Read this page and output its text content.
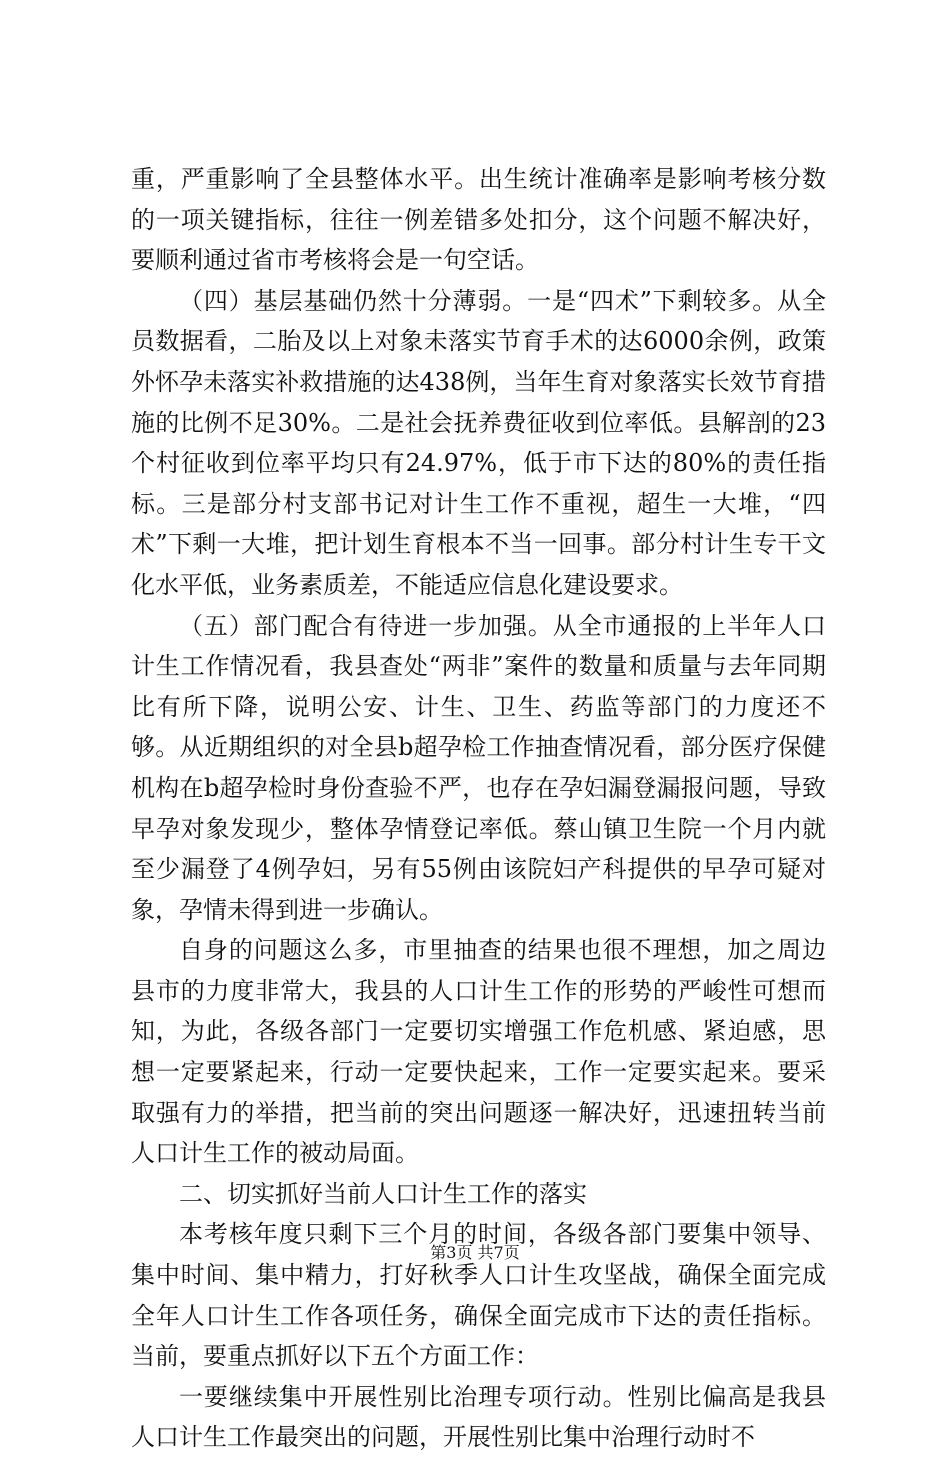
重，严重影响了全县整体水平。出生统计准确率是影响考核分数的一项关键指标，往往一例差错多处扣分，这个问题不解决好，要顺利通过省市考核将会是一句空话。

（四）基层基础仍然十分薄弱。一是“四术”下剩较多。从全员数据看，二胎及以上对象未落实节育手术的达6000余例，政策外怀孕未落实补救措施的达438例，当年生育对象落实长效节育措施的比例不足30%。二是社会抚养费征收到位率低。县解剖的23个村征收到位率平均只有24.97%，低于市下达的80%的责任指标。三是部分村支部书记对计生工作不重视，超生一大堆，“四术”下剩一大堆，把计划生育根本不当一回事。部分村计生专干文化水平低，业务素质差，不能适应信息化建设要求。

（五）部门配合有待进一步加强。从全市通报的上半年人口计生工作情况看，我县查处“两非”案件的数量和质量与去年同期比有所下降，说明公安、计生、卫生、药监等部门的力度还不够。从近期组织的对全县b超孕检工作抽查情况看，部分医疗保健机构在b超孕检时身份查验不严，也存在孕妇漏登漏报问题，导致早孕对象发现少，整体孕情登记率低。蔡山镇卫生院一个月内就至少漏登了4例孕妇，另有55例由该院妇产科提供的早孕可疑对象，孕情未得到进一步确认。

自身的问题这么多，市里抽查的结果也很不理想，加之周边县市的力度非常大，我县的人口计生工作的形势的严峻性可想而知，为此，各级各部门一定要切实增强工作危机感、紧迫感，思想一定要紧起来，行动一定要快起来，工作一定要实起来。要采取强有力的举措，把当前的突出问题逐一解决好，迅速扭转当前人口计生工作的被动局面。

二、切实抓好当前人口计生工作的落实

本考核年度只剩下三个月的时间，各级各部门要集中领导、集中时间、集中精力，打好秋季人口计生攻坚战，确保全面完成全年人口计生工作各项任务，确保全面完成市下达的责任指标。当前，要重点抓好以下五个方面工作：

一要继续集中开展性别比治理专项行动。性别比偏高是我县人口计生工作最突出的问题，开展性别比集中治理行动时不

第3页 共7页
